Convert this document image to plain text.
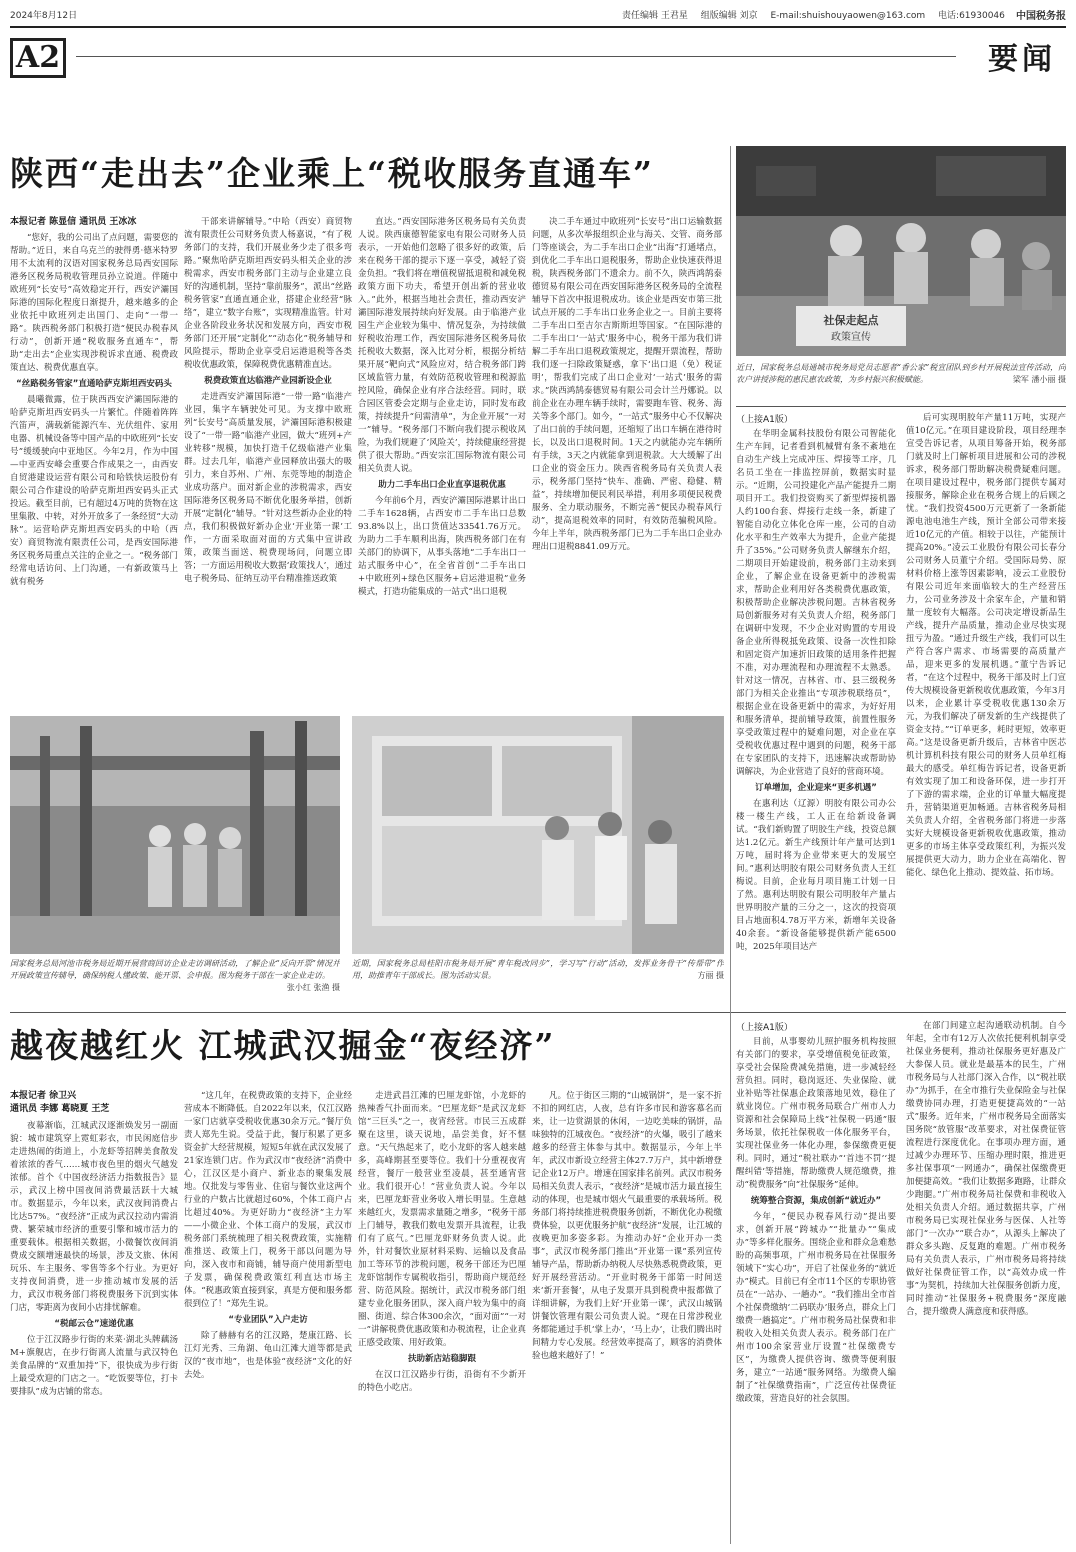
2024年8月12日	责任编辑 王君星 组版编辑 刘京 E-mail:shuishouyaowen@163.com 电话:61930046	中国税务报
A2	要闻
陕西“走出去”企业乘上“税收服务直通车”
本报记者 陈显信 通讯员 王冰冰

“您好，我的公司出了点问题，需要您的帮助。”近日，来自乌克兰的驶得勇·德米特罗用不太流利的汉语对国家税务总局西安国际港务区税务局税收管理员孙立说道。伴随中欧班列“长安号”高效稳定开行，西安浐灞国际港的国际化程度日渐提升，越来越多的企业依托中欧班列走出国门、走向“一带一路”。陕西税务部门积极打造“便民办税春风行动”，创新开通“税收服务直通车”，帮助“走出去”企业实现涉税诉求直通、税费政策直达、税费优惠直享。

“丝路税务管家”直通哈萨克斯坦西安码头

晨曦微露，位于陕西西安浐灞国际港的哈萨克斯坦西安码头一片繁忙。伴随着阵阵汽笛声，满载新能源汽车、光伏组件、家用电器、机械设备等中国产品的中欧班列“长安号”缓缓驶向中亚地区。今年2月，作为中国—中亚西安峰会重要合作成果之一，由西安自贸港建设运营有限公司和哈铁快运股份有限公司合作建设的哈萨克斯坦西安码头正式投运。截至目前，已有超过4万吨的货物在这里集散、中转，对外开放多了一条经贸“大动脉”。运营哈萨克斯坦西安码头的中哈（西安）商贸物流有限责任公司，是西安国际港务区税务局重点关注的企业之一。“税务部门经常电话访问、上门沟通，一有新政策马上就有税务

干部来讲解辅导。”中哈（西安）商贸物流有限责任公司财务负责人杨嘉说，“有了税务部门的支持，我们开展业务少走了很多弯路。”聚焦哈萨克斯坦西安码头相关企业的涉税需求，西安市税务部门主动与企业建立良好的沟通机制，坚持“靠前服务”，派出“丝路税务管家”直通直通企业，搭建企业经营“脉络”，建立“数字台账”，实现精准监管。针对企业各阶段业务状况和发展方向，西安市税务部门还开展“定制化”“动态化”税务辅导和风险提示，帮助企业享受启运港退税等各类税收优惠政策，保障税费优惠精准直达。

税费政策直达临港产业园新设企业

走进西安浐灞国际港“一带一路”临港产业园，集字车辆驶处可见。为支撑中欧班列“长安号”高质量发展，浐灞国际港积极建设了“一带一路”临港产业园，做大“班列+产业转移”规模，加快打造千亿级临港产业集群。过去几年，临港产业园释放出强大的吸引力，来自苏州、广州、东莞等地的制造企业成功落户。面对新企业的涉税需求，西安国际港务区税务局不断优化服务举措，创新开展“定制化”辅导。“针对这些新办企业的特点，我们积极做好新办企业‘开业第一课’工作，一方面采取面对面的方式集中宣讲政策，政策当面送、税费现场问，问题立即答；一方面运用税收大数据‘政策找人’，通过电子税务局、征纳互动平台精准推送政策

直达。”西安国际港务区税务局有关负责人说。陕西康德智能家电有限公司财务人员表示，一开始他们忽略了很多好的政策，后来在税务干部的提示下逐一享受，减轻了资金负担。“我们将在增值税留抵退税和减免税政策方面下功夫，希望开创出新的营业收入。”此外，根据当地社会责任，推动西安浐灞国际港发展持续向好发展。由于临港产业园生产企业较为集中、情况复杂，为持续做好税收治理工作，西安国际港务区税务局依托税收大数据，深入比对分析，根据分析结果开展“靶向式”风险应对，结合税务部门跨区域监管力量，有效防范税收管理和税源监控风险，确保企业有序合法经营。同时，联合园区管委会定期与企业走访，同时发布政策，持续提升“问需清单”，为企业开展“一对一”辅导。“税务部门不断向我们提示税收风险，为我们规避了‘风险关’，持续健康经营提供了很大帮助。”西安宗汇国际物流有限公司相关负责人说。

助力二手车出口企业直享退税优惠

今年前6个月，西安浐灞国际港累计出口二手车1628辆，占西安市二手车出口总数93.8%以上，出口货值达33541.76万元。为助力二手车顺利出海，陕西税务部门在有关部门的协调下，从事头落地“二手车出口一站式服务中心”，在全省首创“二手车出口+中欧班列+绿色区服务+启运港退税”业务模式，打造功能集成的一站式“出口退税

决二手车通过中欧班列“长安号”出口运输数据问题，从多次举报组织企业与海关、交管、商务部门等座谈会，为二手车出口企业“出海”打通堵点，到优化二手车出口退税服务，帮助企业快速获得退税，陕西税务部门不遗余力。前不久，陕西鸿鹄泰德贸易有限公司在西安国际港务区税务局的全流程辅导下首次申报退税成功。该企业是西安市第三批试点开展的二手车出口业务企业之一。目前主要将二手车出口至吉尔吉斯斯坦等国家。“在国际港的二手车出口‘一站式’服务中心，税务干部为我们讲解二手车出口退税政策规定，提醒开票流程，帮助我们逐一扫除政策疑惑，拿下‘出口退（免）税证明’，帮我们完成了出口企业对‘一站式’服务的需求。”陕西鸿鹄泰德贸易有限公司会计兰丹娜说。以前企业在办理车辆手续时，需要跑车管、税务、海关等多个部门。如今，“一站式”服务中心不仅解决了出口前的手续问题，还缩短了出口车辆在港待时长，以及出口退税时间。1天之内就能办完车辆所有手续，3天之内就能拿到退税款。大大缓解了出口企业的资金压力。陕西省税务局有关负责人表示，税务部门坚持“快车、准确、严密、稳健、精益”，持续增加便民利民举措，利用多项便民税费服务、全力联动服务，不断完善“便民办税春风行动”，提高退税效率的同时，有效防范骗税风险。今年上半年，陕西税务部门已为二手车出口企业办理出口退税8841.09万元。

社保走起点
政策宣传
近日，国家税务总局通城市税务局党员志愿者“香公家”税宣团队到乡村开展税法宣传活动，向农户讲授涉税的惠民惠农政策，为乡村振兴积极赋能。	梁军 潘小丽 摄
（上接A1版）

在华明金属科技股份有限公司智能化生产车间，记者看到机械臂有条不紊地在自动生产线上完成冲压、焊接等工序，几名员工坐在一排监控屏前，数据实时显示。“近期，公司投建化产品产能提升二期项目开工。我们投资购买了新型焊接机器人约100台套、焊接行走线一条，新建了智能自动化立体化仓库一座，公司的自动化水平和生产效率大为提升，企业产能提升了35%。”公司财务负责人解继东介绍，二期项目开始建设前，税务部门主动来到企业，了解企业在设备更新中的涉税需求，帮助企业利用好各类税费优惠政策，积极帮助企业解决涉税问题。吉林省税务局创新服务对有关负责人介绍，税务部门在调研中发现，不少企业对购置的专用设备企业所得税抵免政策、设备一次性扣除和固定资产加速折旧政策的适用条件把握不准，对办理流程和办理流程不太熟悉。针对这一情况，吉林省、市、县三级税务部门为相关企业推出“专项涉税联络员”，根据企业在设备更新中的需求，为好好用和服务清单，提前辅导政策，前置性服务享受政策过程中的疑难问题，对企业在享受税收优惠过程中遇到的问题，税务干部在专家团队的支持下，迅速解决或帮助协调解决，为企业营造了良好的营商环境。

订单增加，企业迎来“更多机遇”

在惠利达（辽源）明胶有限公司办公楼一楼生产线，工人正在给新设备调试。“我们新购置了明胶生产线，投资总额达1.2亿元。新生产线预计年产量可达到1万吨，届时将为企业带来更大的发展空间。”惠利达明胶有限公司财务负责人王红梅说。目前，企业每月项目施工计划一日了然。惠利达明胶有限公司明胶年产量占世界明胶产量的三分之一，这次的投资项目占地面积4.78万平方米，新增年关设备40余套。“新设备能够提供新产能6500吨，2025年项目达产

后可实现明胶年产量11万吨，实现产值10亿元。”在项目建设阶段，项目经理李宣受告诉记者，从项目筹备开始，税务部门就及时上门解析项目进展和公司的涉税诉求，税务部门帮助解决税费疑难问题。在项目建设过程中，税务部门提供专属对接服务，解除企业在税务合规上的后顾之忧。“我们投资4500万元更新了一条新能源电池电池生产线，预计全部公司带来接近10亿元的产值。相较于以往，产能预计提高20%。”凌云工业股份有限公司长春分公司财务人员董宁介绍。受国际局势、原材料价格上涨等因素影响，凌云工业股份有限公司近年来面临较大的生产经营压力，公司业务涉及十余家车企，产量和销量一度较有大幅落。公司决定增设新品生产线，提升产品质量，推动企业尽快实现扭亏为盈。“通过升级生产线，我们可以生产符合客户需求、市场需要的高质量产品，迎来更多的发展机遇。”董宁告诉记者，“在这个过程中，税务干部及时上门宣传大规模设备更新税收优惠政策，今年3月以来，企业累计享受税收优惠130余万元，为我们解决了研发新的生产线提供了资金支持。”“订单更多，耗时更短，效率更高。”这是设备更新升级后，吉林省中医芯机计算机科技有限公司的财务人员单红梅最大的感受。单红梅告诉记者，设备更新有效实现了加工和设备环保，进一步打开了下游的需求端，企业的订单量大幅度提升，营销渠道更加畅通。吉林省税务局相关负责人介绍，全省税务部门将进一步落实好大规模设备更新税收优惠政策，推动更多的市场主体享受政策红利，为振兴发展提供更大动力，助力企业在高端化、智能化、绿色化上推动、提效益、拓市场。

国家税务总局河池市税务局近期开展营商回访企业走访调研活动，了解企业“反向开票”情况并开展政策宣传辅导，确保纳税人懂政策、能开票、会申报。图为税务干部在一家企业走访。
张小红 张渔 摄
近期，国家税务总局桂阳市税务局开展“青年税改同步”，学习写“行动”活动，发挥业务骨干“传帮带”作用，助推青年干部成长。图为活动实景。	方丽 摄
越夜越红火 江城武汉掘金“夜经济”
本报记者 徐卫兴
通讯员 李娜 葛晓夏 王芝

夜幕渐临，江城武汉逐渐焕发另一副面貌：城市建筑穿上霓虹彩衣，市民闲庭信步走进热闹的街道上，小龙虾等招牌美食散发着浓浓的香气……城市夜色里的烟火气越发浓郁。首个《中国夜经济活力指数报告》显示，武汉上榜中国夜间消费最活跃十大城市。数据显示，今年以来，武汉夜间消费占比达57%。“夜经济”正成为武汉拉动内需消费、繁荣城市经济的重要引擎和城市活力的重要载体。根据相关数据，小微餐饮夜间消费成交额增速最快的场景，涉及文旅、休闲玩乐、车主服务、零售等多个行业。为更好支持夜间消费，进一步推动城市发展的活力，武汉市税务部门将税费服务下沉到实体门店，零距离为夜间小店排忧解难。

“税邮云仓”速递优惠

位于江汉路步行街的来菜·湖北头牌藕汤M+旗舰店，在步行街离人流量与武汉特色美食品牌的“双重加持”下，很快成为步行街上最受欢迎的门店之一。“吃饭要等位，打卡要排队”成为店铺的常态。

“这几年，在税费政策的支持下，企业经营成本不断降低。自2022年以来，仅江汉路一家门店就享受税收优惠30余万元。”餐厅负责人郑先生说。受益于此，餐厅积累了更多资金扩大经营规模，短短5年就在武汉发展了21家连锁门店。作为武汉市“夜经济”消费中心，江汉区是小商户、新业态的聚集发展地。仅批发与零售业、住宿与餐饮业这两个行业的户数占比就超过60%，个体工商户占比超过40%。为更好助力“夜经济”主力军——小微企业、个体工商户的发展，武汉市税务部门系统梳理了相关税费政策，实施精准推送、政策上门，税务干部以问题为导向，深入夜市和商铺，辅导商户使用新型电子发票，确保税费政策红利直达市场主体。“税惠政策直接到家，真是方便和服务都很到位了！”郑先生说。

“专业团队”入户走访

除了赫赫有名的江汉路，楚康江路、长江灯光秀、三角湖、龟山江滩大道等都是武汉的“夜市地”，也是体验“夜经济”文化的好去处。

走进武昌江滩的巴厘龙虾馆，小龙虾的热辣香气扑面而来。“巴厘龙虾”是武汉龙虾馆“三巨头”之一，夜宵经营。市民三五成群聚在这里，谈天说地，品尝美食，好不惬意。“天气热起来了，吃小龙虾的客人越来越多，高峰期甚至要等位。我们十分重视夜宵经营，餐厅一般营业至凌晨，甚至通宵营业。我们很开心！”营业负责人说。今年以来，巴厘龙虾营业务收入增长明显。生意越来越红火，发票需求量随之增多，“税务干部上门辅导，教我们数电发票开具流程，让我们有了底气。”巴厘龙虾财务负责人说。此外，针对餐饮业原材料采购、运输以及食品加工等环节的涉税问题，税务干部还为巴厘龙虾馆制作专属税收指引，帮助商户规范经营、防范风险。据统计，武汉市税务部门组建专业化服务团队，深入商户较为集中的商圈、街道、综合体300余次，“面对面”“一对一”讲解税费优惠政策和办税流程，让企业真正感受政策、用好政策。

扶助新店站稳脚跟

在汉口江汉路步行街，沿街有不少新开的特色小吃店。

凡。位于街区三期的“山城锅饼”，是一家不折不扣的网红店，人夜，总有许多市民和游客慕名而来，让一边赏湖景的休闲，一边吃美味的锅饼，品味独特的江城夜色。“夜经济”的火爆，吸引了越来越多的经营主体参与其中。数据显示，今年上半年，武汉市新设立经营主体27.7万户，其中新增登记企业12万户。增速在国家排名前列。武汉市税务局相关负责人表示，“夜经济”是城市活力最直接生动的体现，也是城市烟火气最重要的承载场所。税务部门将持续推进税费服务创新，不断优化办税缴费体验，以更优服务护航“夜经济”发展，让江城的夜晚更加多姿多彩。为推动办好“企业开办一类事”，武汉市税务部门推出“开业第一课”系列宣传辅导产品，帮助新办纳税人尽快熟悉税费政策，更好开展经营活动。“开业时税务干部第一时间送来‘新开套餐’，从电子发票开具到税费申报都做了详细讲解，为我们上好‘开业第一课’，武汉山城锅饼餐饮管理有限公司负责人说。“现在日常涉税业务都能通过手机‘掌上办’，‘马上办’，让我们腾出时间精力专心发展。经营效率提高了，顾客的消费体验也越来越好了！”

（上接A1版）

目前，从事婴幼儿照护服务机构按照有关部门的要求，享受增值税免征政策，享受社会保险费减免措施，进一步减轻经营负担。同时，稳岗返还、失业保险、就业补贴等社保惠企政策落地见效，稳住了就业岗位。广州市税务局联合广州市人力资源和社会保障局上线“社保税一码通”服务场景，依托社保税收一体化服务平台，实现社保业务一体化办理，参保缴费更便利。同时，通过“税社联办”‘首违不罚’‘提醒纠错’等措施，帮助缴费人规范缴费，推动“税费服务”向“社保服务”延伸。

统筹整合资源，集成创新“就近办”

今年，“便民办税春风行动”提出要求，创新开展“跨城办”“批量办”“集成办”等多样化服务。围绕企业和群众急难愁盼的高频事项，广州市税务局在社保服务领域下“实心功”，开启了社保业务的“就近办”模式。目前已有全市11个区的专职协管员在“一站办、一趟办”。“我们推出全市首个社保费缴纳‘二码联办’服务点，群众上门缴费一趟搞定”。广州市税务局社保费和非税收入处相关负责人表示。税务部门在广州市100余家营业厅设置“社保缴费专区”，为缴费人提供咨询、缴费等便利服务，建立“一站通”服务网络。为缴费人编制了“社保缴费指南”，广泛宣传社保费征缴政策，营造良好的社会氛围。

在部门间建立起沟通联动机制。自今年起，全市有12万人次依托便利机制享受社保业务便利，推动社保服务更好惠及广大参保人员。就业是最基本的民生，广州市税务局与人社部门深入合作，以“税社联办”为抓手，在全市推行失业保险金与社保缴费协同办理，打造更便捷高效的“一站式”服务。近年来，广州市税务局全面落实国务院“放管服”改革要求，对社保费征管流程进行深度优化。在事项办理方面，通过减少办理环节、压缩办理时限，推进更多社保事项“一网通办”，确保社保缴费更加便捷高效。“我们让数据多跑路，让群众少跑腿。”广州市税务局社保费和非税收入处相关负责人介绍。通过数据共享，广州市税务局已实现社保业务与医保、人社等部门“一次办”“联合办”，从源头上解决了群众多头跑、反复跑的难题。广州市税务局有关负责人表示，广州市税务局将持续做好社保费征管工作，以“高效办成一件事”为契机，持续加大社保服务创新力度，同时推动“社保服务+税费服务”深度融合，提升缴费人满意度和获得感。
